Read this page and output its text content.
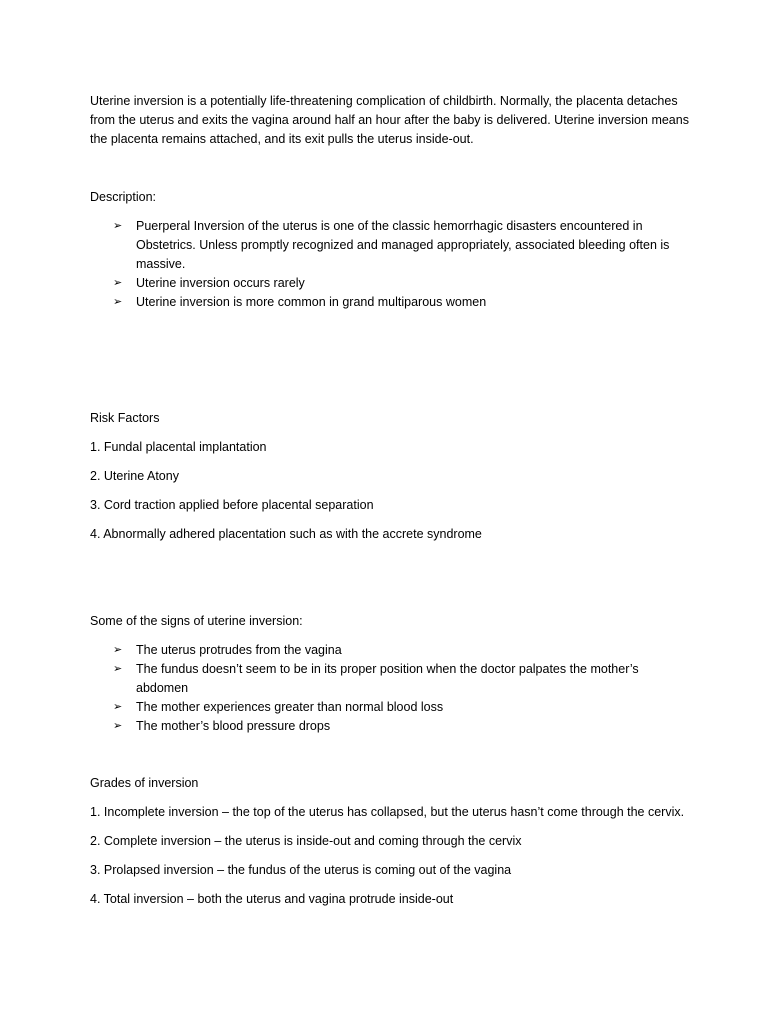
Uterine inversion is a potentially life-threatening complication of childbirth. Normally, the placenta detaches from the uterus and exits the vagina around half an hour after the baby is delivered. Uterine inversion means the placenta remains attached, and its exit pulls the uterus inside-out.

Description:

➢ Puerperal Inversion of the uterus is one of the classic hemorrhagic disasters encountered in Obstetrics. Unless promptly recognized and managed appropriately, associated bleeding often is massive.
➢ Uterine inversion occurs rarely
➢ Uterine inversion is more common in grand multiparous women

Risk Factors

1. Fundal placental implantation
2. Uterine Atony
3. Cord traction applied before placental separation
4. Abnormally adhered placentation such as with the accrete syndrome

Some of the signs of uterine inversion:

➢ The uterus protrudes from the vagina
➢ The fundus doesn’t seem to be in its proper position when the doctor palpates the mother’s abdomen
➢ The mother experiences greater than normal blood loss
➢ The mother’s blood pressure drops

Grades of inversion

1. Incomplete inversion – the top of the uterus has collapsed, but the uterus hasn’t come through the cervix.
2. Complete inversion – the uterus is inside-out and coming through the cervix
3. Prolapsed inversion – the fundus of the uterus is coming out of the vagina
4. Total inversion – both the uterus and vagina protrude inside-out
